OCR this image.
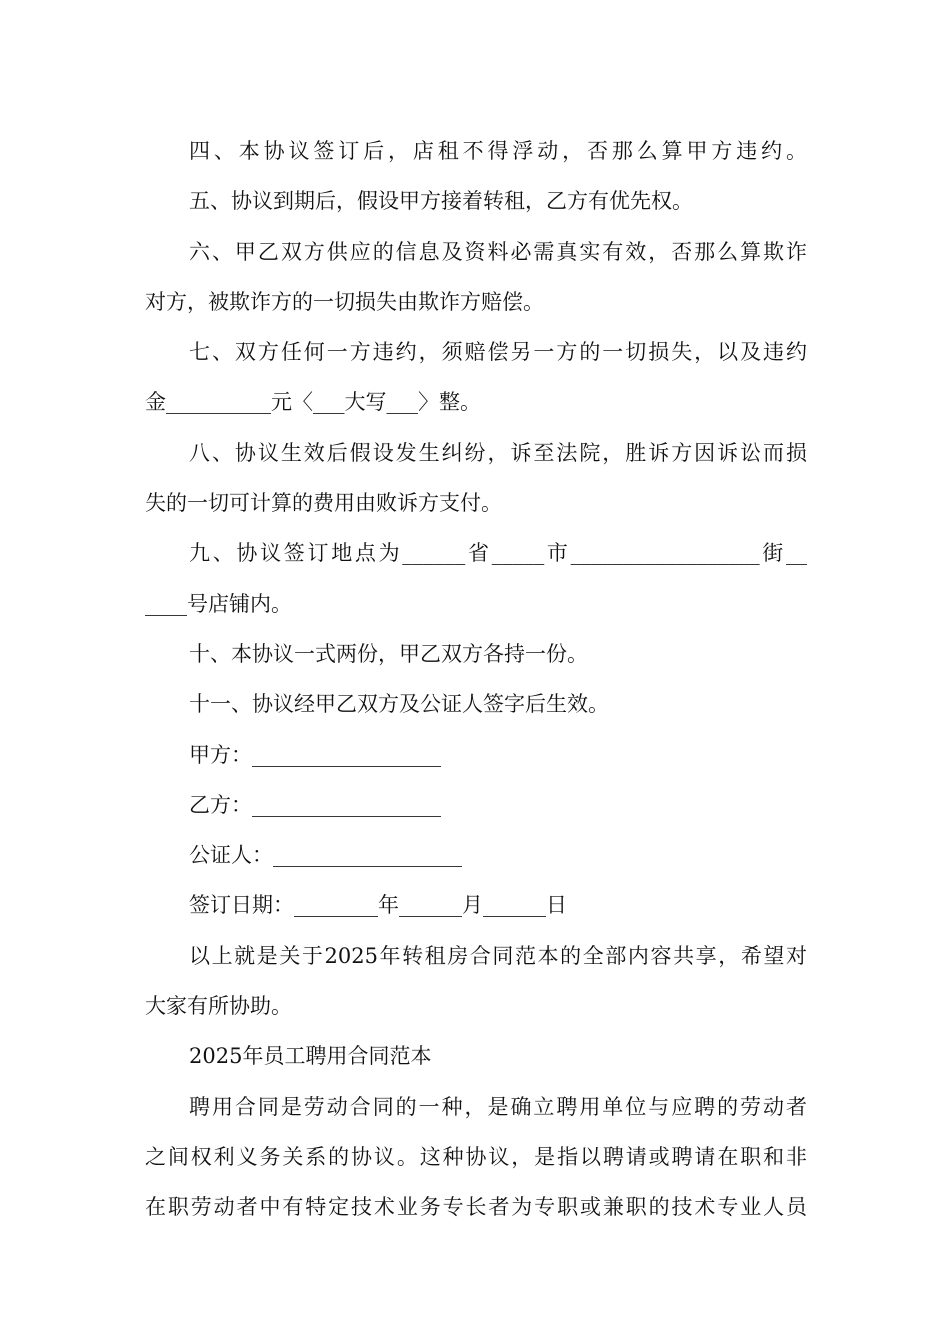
四、本协议签订后，店租不得浮动，否那么算甲方违约。
五、协议到期后，假设甲方接着转租，乙方有优先权。
六、甲乙双方供应的信息及资料必需真实有效，否那么算欺诈
对方，被欺诈方的一切损失由欺诈方赔偿。
七、双方任何一方违约，须赔偿另一方的一切损失，以及违约
金__________元〈___大写___〉整。
八、协议生效后假设发生纠纷，诉至法院，胜诉方因诉讼而损
失的一切可计算的费用由败诉方支付。
九、协议签订地点为______省_____市__________________街__
____号店铺内。
十、本协议一式两份，甲乙双方各持一份。
十一、协议经甲乙双方及公证人签字后生效。
甲方：__________________
乙方：__________________
公证人：__________________
签订日期：________年______月______日
以上就是关于2025年转租房合同范本的全部内容共享，希望对
大家有所协助。
2025年员工聘用合同范本
聘用合同是劳动合同的一种，是确立聘用单位与应聘的劳动者
之间权利义务关系的协议。这种协议，是指以聘请或聘请在职和非
在职劳动者中有特定技术业务专长者为专职或兼职的技术专业人员
